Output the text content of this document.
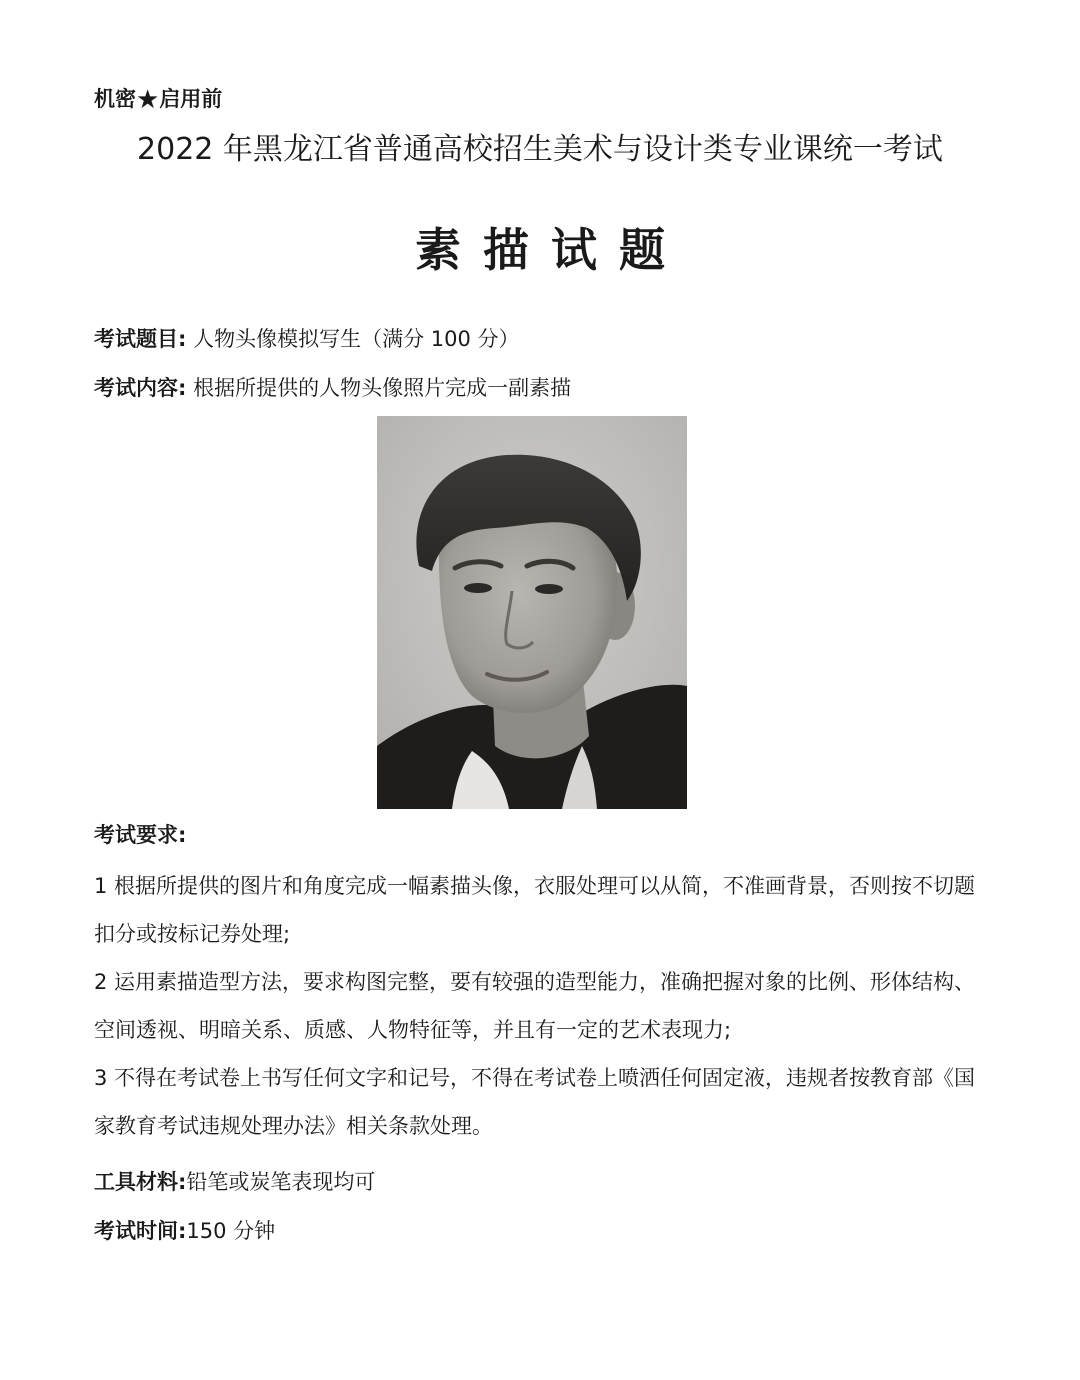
机密★启用前
2022 年黑龙江省普通高校招生美术与设计类专业课统一考试
素描试题
考试题目: 人物头像模拟写生（满分 100 分）
考试内容: 根据所提供的人物头像照片完成一副素描
考试要求:
1 根据所提供的图片和角度完成一幅素描头像，衣服处理可以从简，不准画背景，否则按不切题扣分或按标记券处理;
2 运用素描造型方法，要求构图完整，要有较强的造型能力，准确把握对象的比例、形体结构、空间透视、明暗关系、质感、人物特征等，并且有一定的艺术表现力;
3 不得在考试卷上书写任何文字和记号，不得在考试卷上喷洒任何固定液，违规者按教育部《国家教育考试违规处理办法》相关条款处理。
工具材料:铅笔或炭笔表现均可
考试时间:150 分钟
